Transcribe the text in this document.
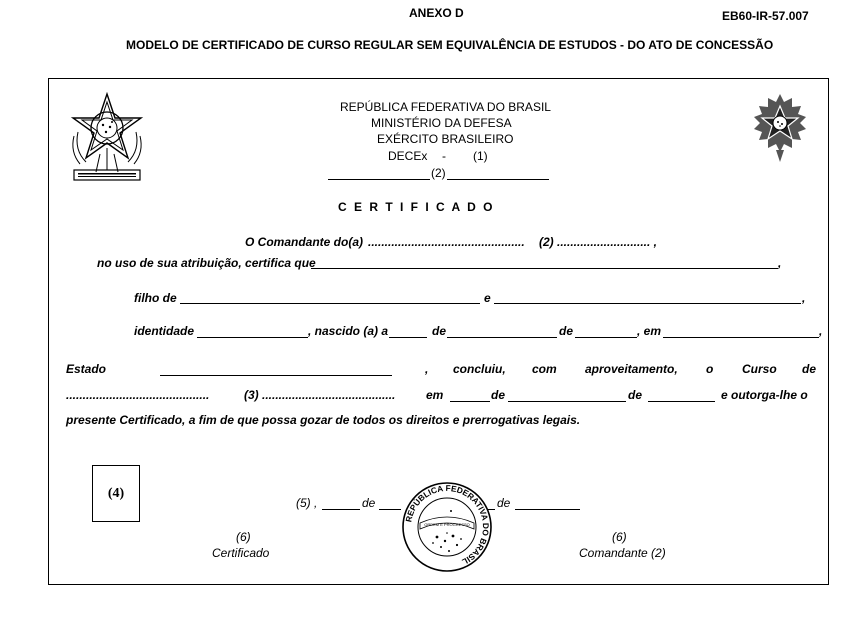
ANEXO D	EB60-IR-57.007
MODELO DE CERTIFICADO DE CURSO REGULAR SEM EQUIVALÊNCIA DE ESTUDOS - DO ATO DE CONCESSÃO
REPÚBLICA FEDERATIVA DO BRASIL
MINISTÉRIO DA DEFESA
EXÉRCITO BRASILEIRO
DECEx - (1)
(2)
C E R T I F I C A D O
O Comandante do(a) ............................................... (2) ............................ ,
no uso de sua atribuição, certifica que	,
filho de	e	,
identidade	, nascido (a) a	de	de	, em	,
Estado	, concluiu, com aproveitamento, o Curso de
...........................................	(3) ........................................	em	de	de	e outorga-lhe o
presente Certificado, a fim de que possa gozar de todos os direitos e prerrogativas legais.
(4)
(5) ,	de	de
REPÚBLICA FEDERATIVA DO BRASIL
ORDEM E PROGRESSO
(6)
Certificado
(6)
Comandante (2)
